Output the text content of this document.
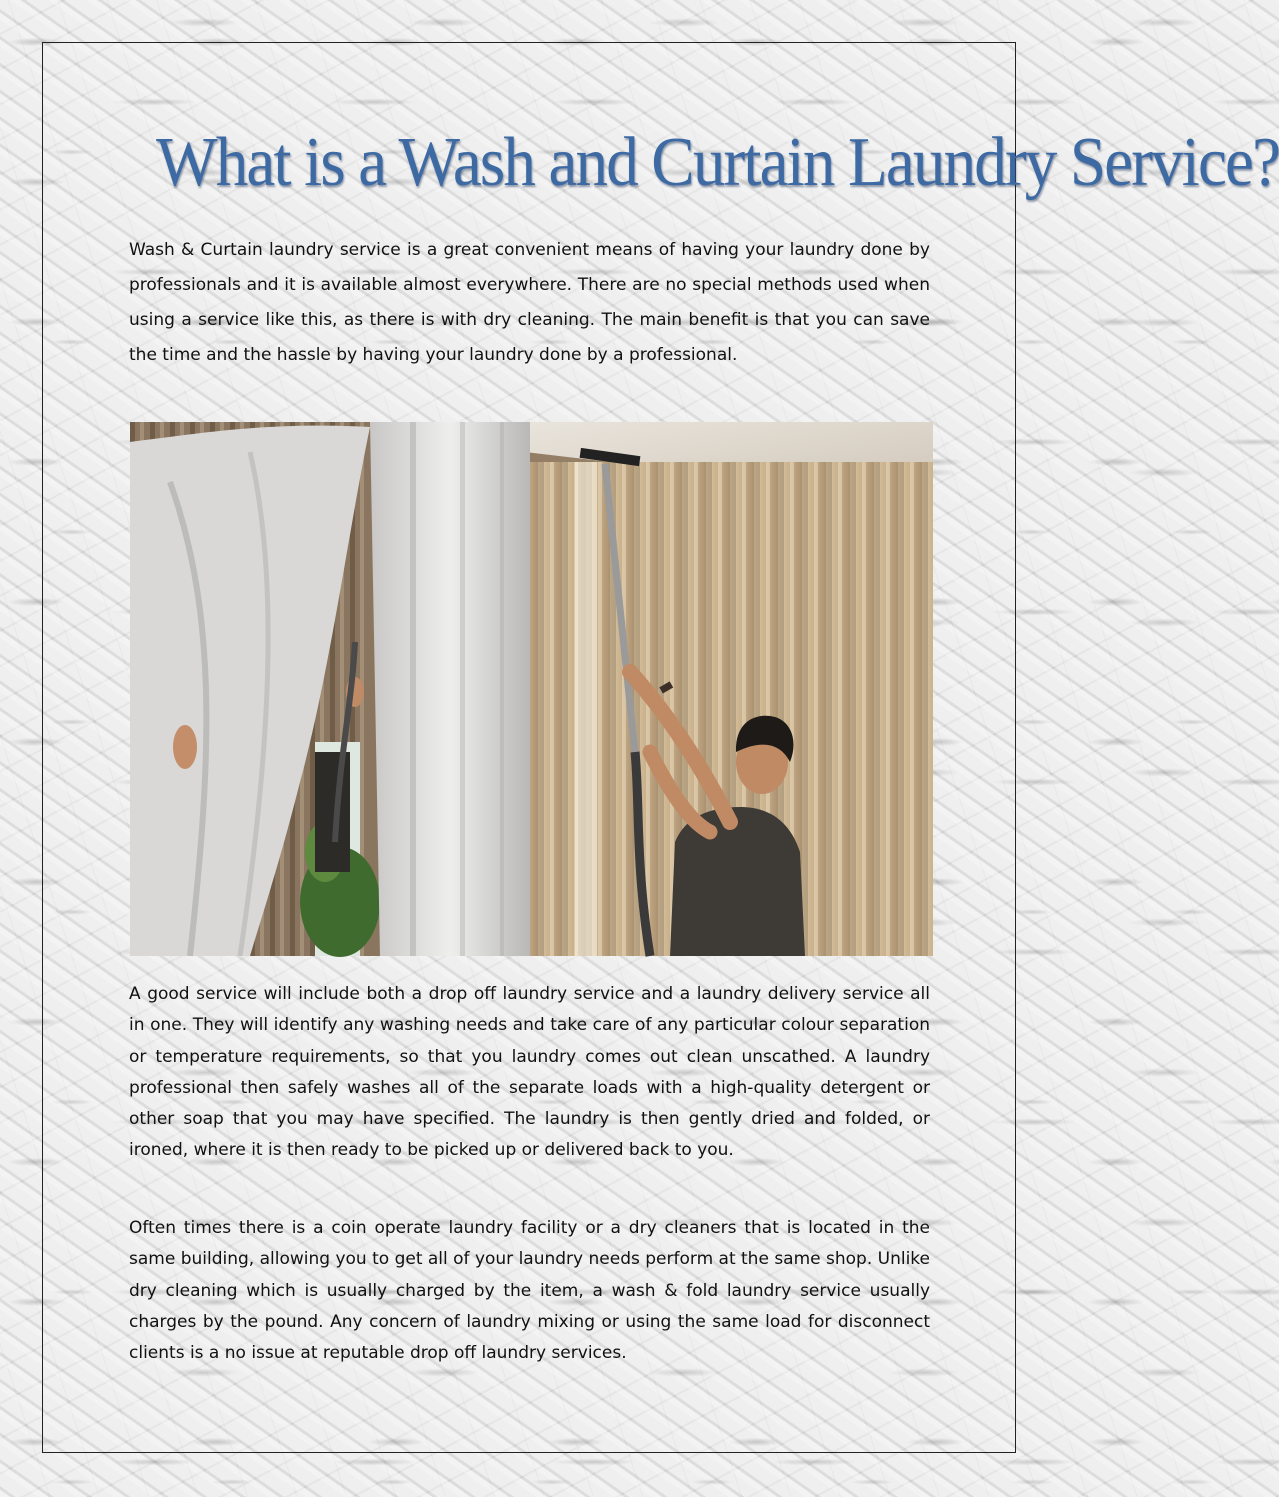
What is a Wash and Curtain Laundry Service?

Wash & Curtain laundry service is a great convenient means of having your laundry done by professionals and it is available almost everywhere. There are no special methods used when using a service like this, as there is with dry cleaning. The main benefit is that you can save the time and the hassle by having your laundry done by a professional.

A good service will include both a drop off laundry service and a laundry delivery service all in one. They will identify any washing needs and take care of any particular colour separation or temperature requirements, so that you laundry comes out clean unscathed. A laundry professional then safely washes all of the separate loads with a high-quality detergent or other soap that you may have specified. The laundry is then gently dried and folded, or ironed, where it is then ready to be picked up or delivered back to you.

Often times there is a coin operate laundry facility or a dry cleaners that is located in the same building, allowing you to get all of your laundry needs perform at the same shop. Unlike dry cleaning which is usually charged by the item, a wash & fold laundry service usually charges by the pound. Any concern of laundry mixing or using the same load for disconnect clients is a no issue at reputable drop off laundry services.
